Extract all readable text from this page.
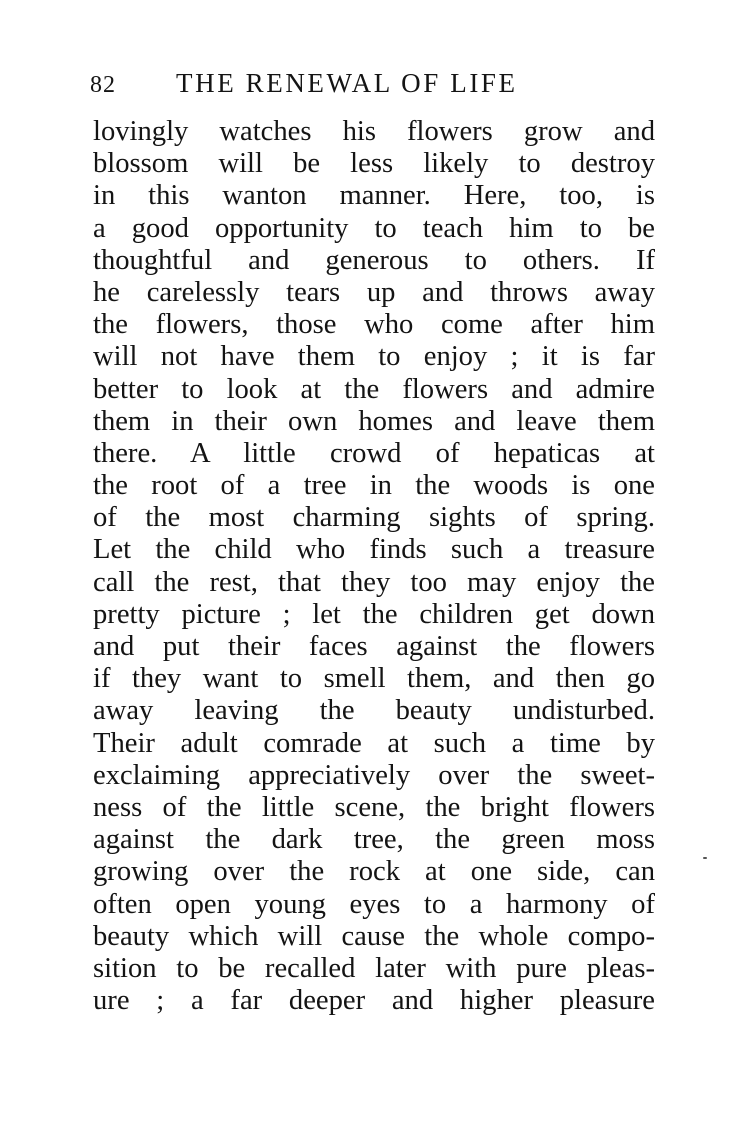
82 THE RENEWAL OF LIFE
lovingly watches his flowers grow and
blossom will be less likely to destroy
in this wanton manner. Here, too, is
a good opportunity to teach him to be
thoughtful and generous to others. If
he carelessly tears up and throws away
the flowers, those who come after him
will not have them to enjoy ; it is far
better to look at the flowers and admire
them in their own homes and leave them
there. A little crowd of hepaticas at
the root of a tree in the woods is one
of the most charming sights of spring.
Let the child who finds such a treasure
call the rest, that they too may enjoy the
pretty picture ; let the children get down
and put their faces against the flowers
if they want to smell them, and then go
away leaving the beauty undisturbed.
Their adult comrade at such a time by
exclaiming appreciatively over the sweet-
ness of the little scene, the bright flowers
against the dark tree, the green moss
growing over the rock at one side, can
often open young eyes to a harmony of
beauty which will cause the whole compo-
sition to be recalled later with pure pleas-
ure ; a far deeper and higher pleasure
